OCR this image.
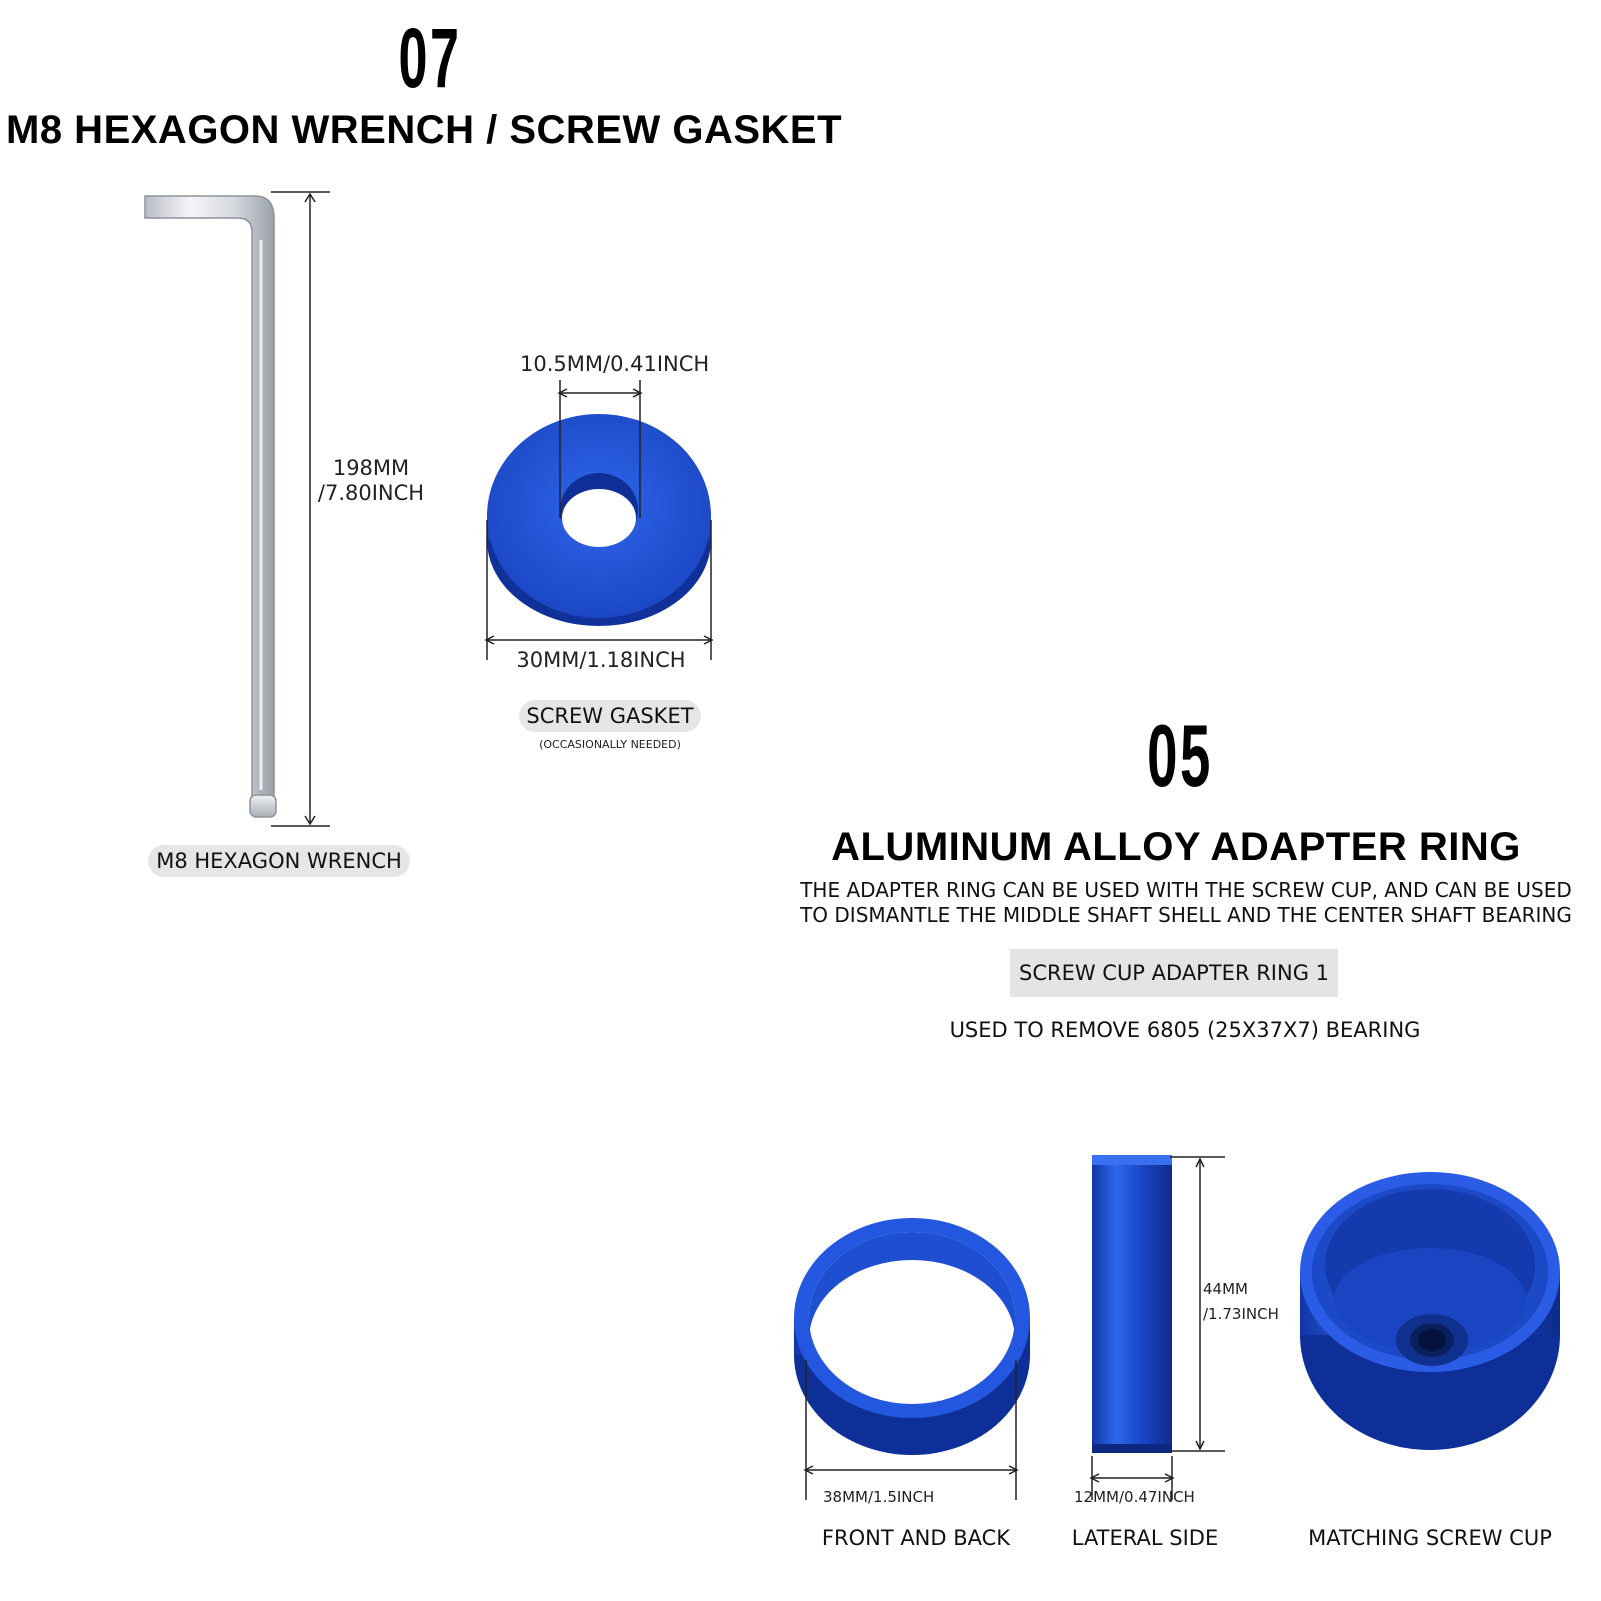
07
M8 HEXAGON WRENCH / SCREW GASKET
198MM
/7.80INCH
M8 HEXAGON WRENCH
10.5MM/0.41INCH
30MM/1.18INCH
SCREW GASKET
(OCCASIONALLY NEEDED)	05
ALUMINUM ALLOY ADAPTER RING
THE ADAPTER RING CAN BE USED WITH THE SCREW CUP, AND CAN BE USED
TO DISMANTLE THE MIDDLE SHAFT SHELL AND THE CENTER SHAFT BEARING
SCREW CUP ADAPTER RING 1
USED TO REMOVE 6805 (25X37X7) BEARING
38MM/1.5INCH
FRONT AND BACK
44MM
/1.73INCH
12MM/0.47INCH
LATERAL SIDE	MATCHING SCREW CUP
